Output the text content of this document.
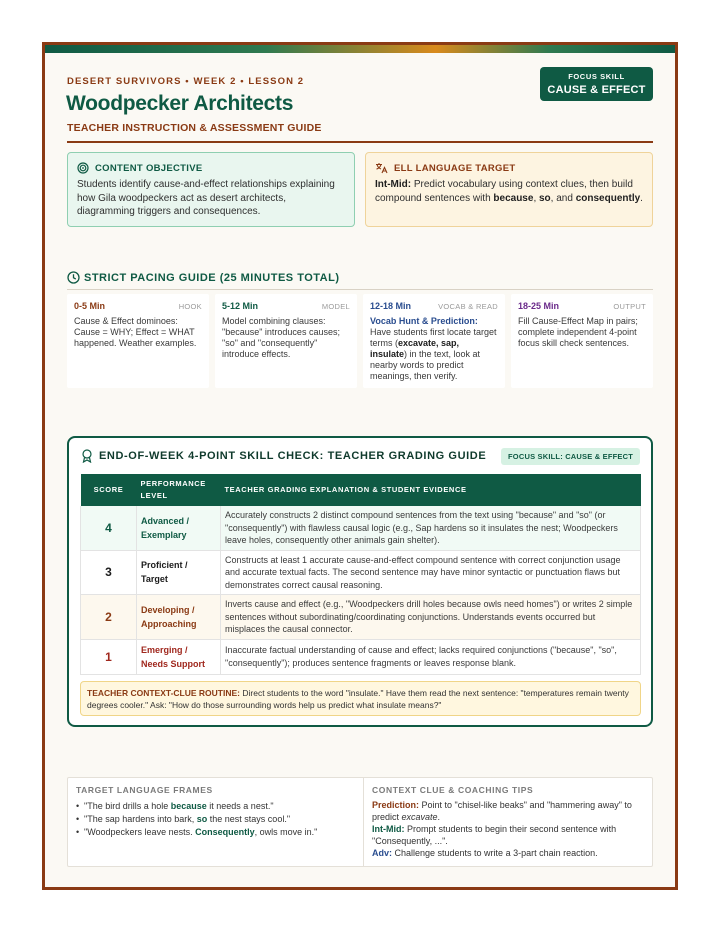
DESERT SURVIVORS • WEEK 2 • LESSON 2
Woodpecker Architects
TEACHER INSTRUCTION & ASSESSMENT GUIDE
FOCUS SKILL
CAUSE & EFFECT
CONTENT OBJECTIVE
Students identify cause-and-effect relationships explaining how Gila woodpeckers act as desert architects, diagramming triggers and consequences.
ELL LANGUAGE TARGET
Int-Mid: Predict vocabulary using context clues, then build compound sentences with because, so, and consequently.
STRICT PACING GUIDE (25 MINUTES TOTAL)
0-5 Min	HOOK
Cause & Effect dominoes: Cause = WHY; Effect = WHAT happened. Weather examples.
5-12 Min	MODEL
Model combining clauses: "because" introduces causes; "so" and "consequently" introduce effects.
12-18 Min	VOCAB & READ
Vocab Hunt & Prediction: Have students first locate target terms (excavate, sap, insulate) in the text, look at nearby words to predict meanings, then verify.
18-25 Min	OUTPUT
Fill Cause-Effect Map in pairs; complete independent 4-point focus skill check sentences.
END-OF-WEEK 4-POINT SKILL CHECK: TEACHER GRADING GUIDE	FOCUS SKILL: CAUSE & EFFECT
SCORE	PERFORMANCE LEVEL	TEACHER GRADING EXPLANATION & STUDENT EVIDENCE
4	Advanced / Exemplary	Accurately constructs 2 distinct compound sentences from the text using "because" and "so" (or "consequently") with flawless causal logic (e.g., Sap hardens so it insulates the nest; Woodpeckers leave holes, consequently other animals gain shelter).
3	Proficient / Target	Constructs at least 1 accurate cause-and-effect compound sentence with correct conjunction usage and accurate textual facts. The second sentence may have minor syntactic or punctuation flaws but demonstrates correct causal reasoning.
2	Developing / Approaching	Inverts cause and effect (e.g., "Woodpeckers drill holes because owls need homes") or writes 2 simple sentences without subordinating/coordinating conjunctions. Understands events occurred but misplaces the causal connector.
1	Emerging / Needs Support	Inaccurate factual understanding of cause and effect; lacks required conjunctions ("because", "so", "consequently"); produces sentence fragments or leaves response blank.
TEACHER CONTEXT-CLUE ROUTINE: Direct students to the word "insulate." Have them read the next sentence: "temperatures remain twenty degrees cooler." Ask: "How do those surrounding words help us predict what insulate means?"
TARGET LANGUAGE FRAMES
• "The bird drills a hole because it needs a nest."
• "The sap hardens into bark, so the nest stays cool."
• "Woodpeckers leave nests. Consequently, owls move in."
CONTEXT CLUE & COACHING TIPS
Prediction: Point to "chisel-like beaks" and "hammering away" to predict excavate.
Int-Mid: Prompt students to begin their second sentence with "Consequently, ...".
Adv: Challenge students to write a 3-part chain reaction.
